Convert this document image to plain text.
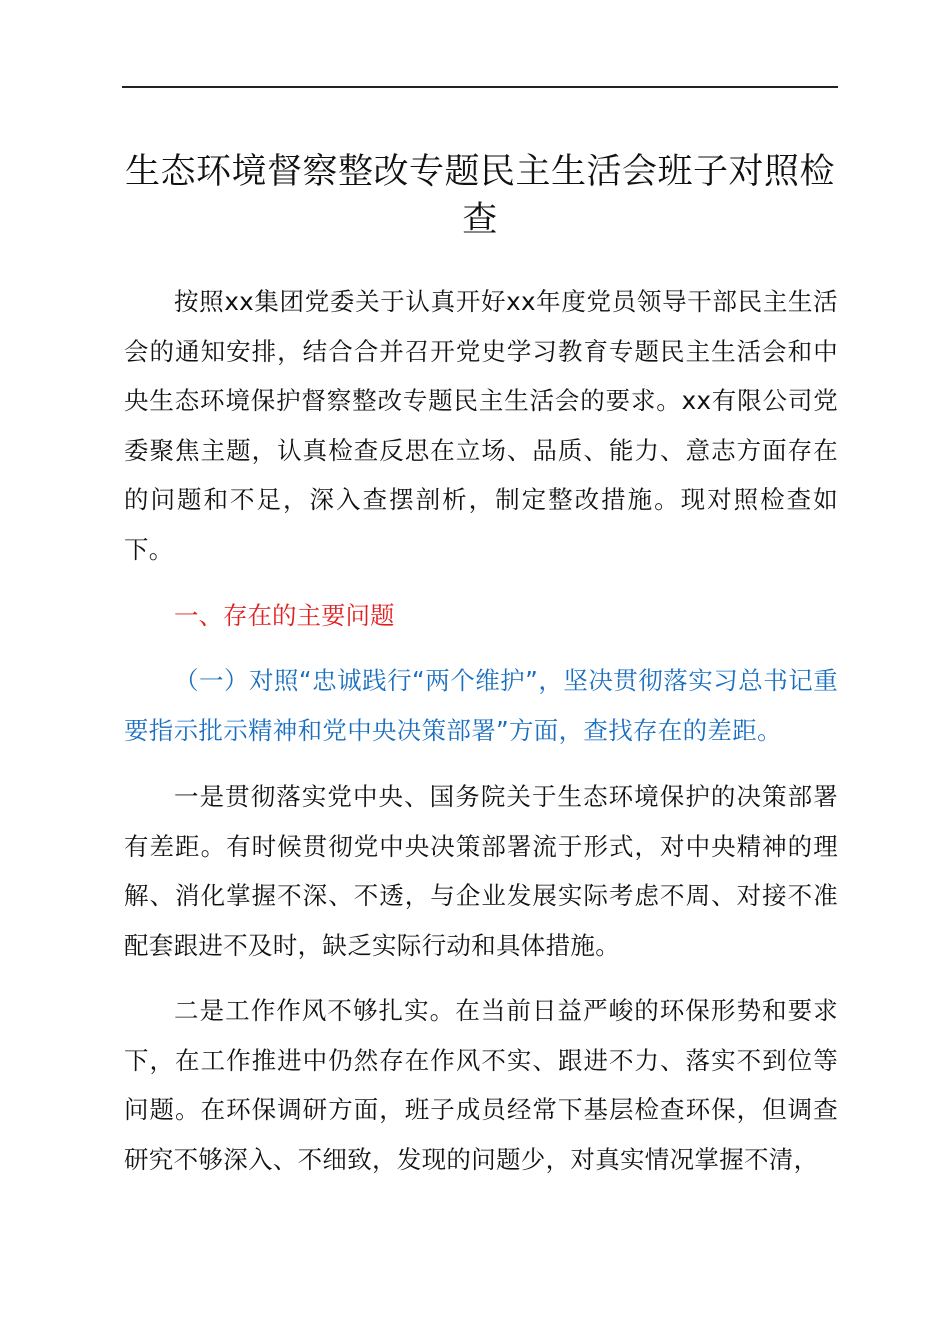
生态环境督察整改专题民主生活会班子对照检查

按照xx集团党委关于认真开好xx年度党员领导干部民主生活会的通知安排，结合合并召开党史学习教育专题民主生活会和中央生态环境保护督察整改专题民主生活会的要求。xx有限公司党委聚焦主题，认真检查反思在立场、品质、能力、意志方面存在的问题和不足，深入查摆剖析，制定整改措施。现对照检查如下。

一、存在的主要问题
（一）对照“忠诚践行“两个维护”，坚决贯彻落实习总书记重要指示批示精神和党中央决策部署”方面，查找存在的差距。

一是贯彻落实党中央、国务院关于生态环境保护的决策部署有差距。有时候贯彻党中央决策部署流于形式，对中央精神的理解、消化掌握不深、不透，与企业发展实际考虑不周、对接不准配套跟进不及时，缺乏实际行动和具体措施。

二是工作作风不够扎实。在当前日益严峻的环保形势和要求下，在工作推进中仍然存在作风不实、跟进不力、落实不到位等问题。在环保调研方面，班子成员经常下基层检查环保，但调查研究不够深入、不细致，发现的问题少，对真实情况掌握不清，
